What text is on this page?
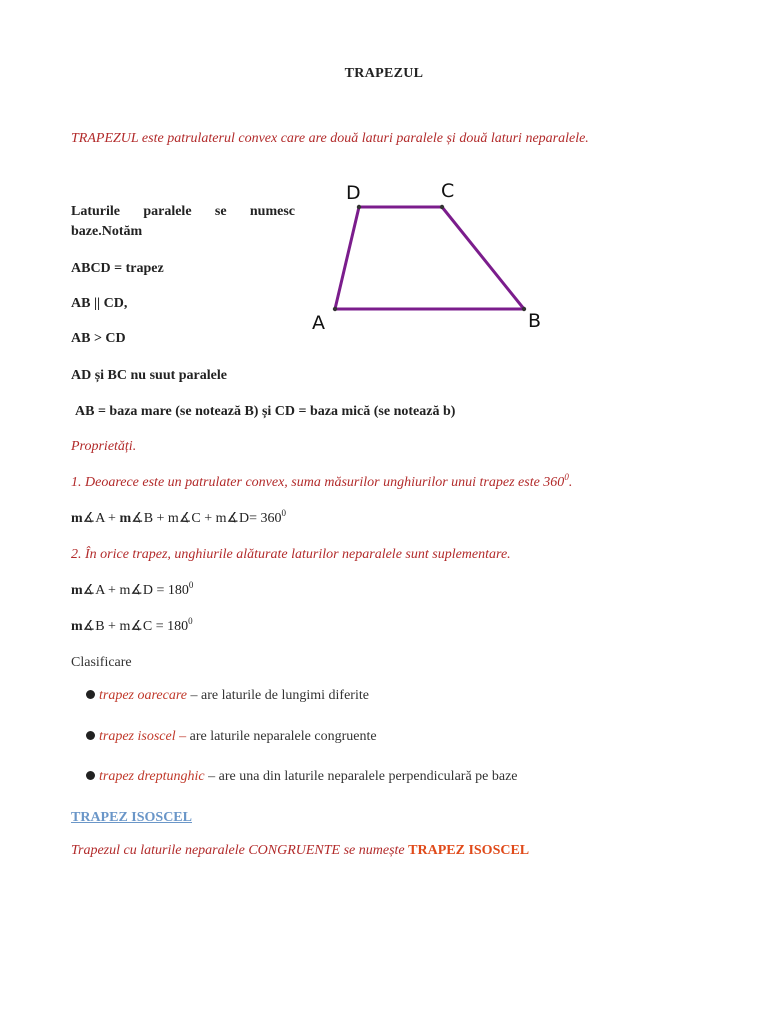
TRAPEZUL
TRAPEZUL este patrulaterul convex care are două laturi paralele și două laturi neparalele.
Laturile paralele se numesc
baze.Notăm
ABCD = trapez
AB || CD,
AB > CD
AD și BC nu suut paralele
AB = baza mare (se notează B) și CD = baza mică (se notează b)
Proprietăți.
1. Deoarece este un patrulater convex, suma măsurilor unghiurilor unui trapez este $360^0$.
m∡A + m∡B + m∡C + m∡D= $360^0$
2. În orice trapez, unghiurile alăturate laturilor neparalele sunt suplementare.
m∡A + m∡D = $180^0$
m∡B + m∡C = $180^0$
Clasificare
trapez oarecare – are laturile de lungimi diferite
trapez isoscel – are laturile neparalele congruente
trapez dreptunghic – are una din laturile neparalele perpendiculară pe baze
TRAPEZ ISOSCEL
Trapezul cu laturile neparalele CONGRUENTE se numește TRAPEZ ISOSCEL
D	C
B
A
